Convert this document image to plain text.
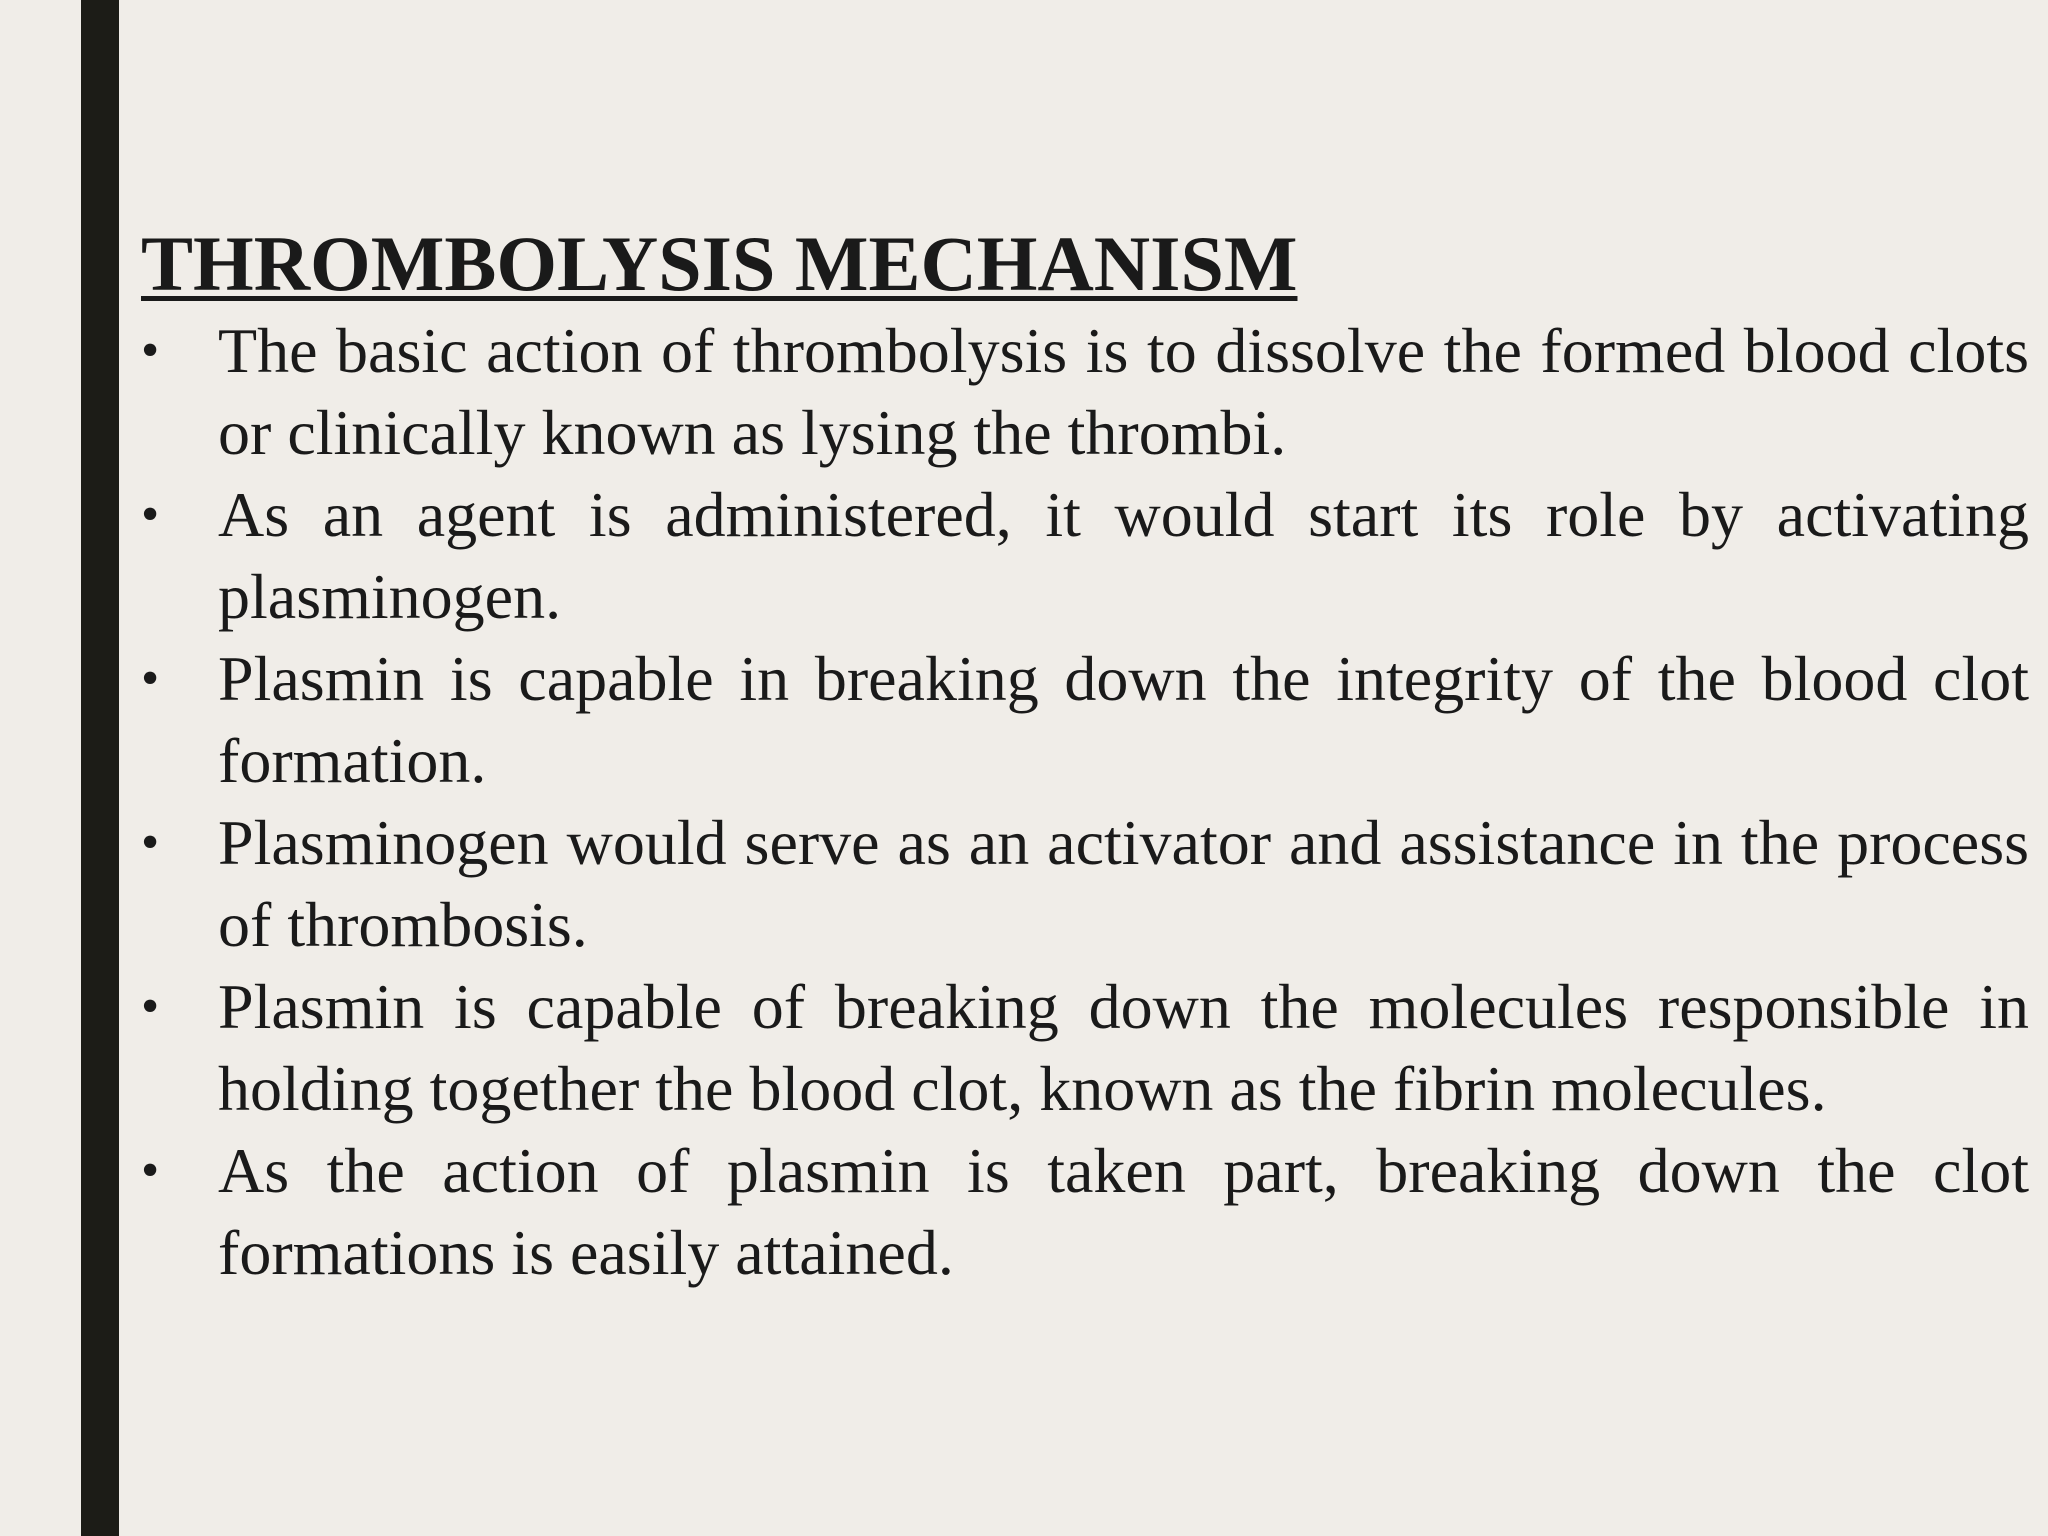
THROMBOLYSIS MECHANISM
• The basic action of thrombolysis is to dissolve the formed blood clots or clinically known as lysing the thrombi.
• As an agent is administered, it would start its role by activating plasminogen.
• Plasmin is capable in breaking down the integrity of the blood clot formation.
• Plasminogen would serve as an activator and assistance in the process of thrombosis.
• Plasmin is capable of breaking down the molecules responsible in holding together the blood clot, known as the fibrin molecules.
• As the action of plasmin is taken part, breaking down the clot formations is easily attained.
